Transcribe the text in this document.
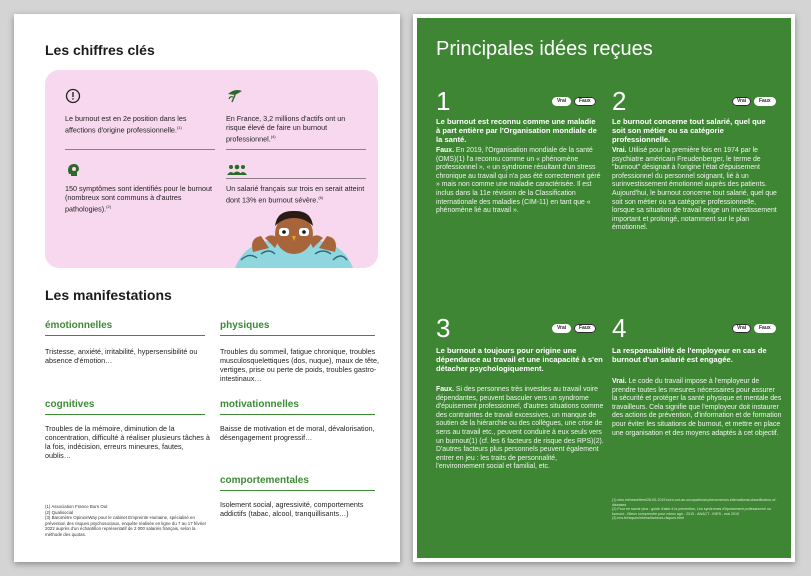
Les chiffres clés
Le burnout est en 2e position dans les affections d'origine professionnelle.$^{(1)}$
En France, 3,2 millions d'actifs ont un risque élevé de faire un burnout professionnel.$^{(4)}$
150 symptômes sont identifiés pour le burnout (nombreux sont communs à d'autres pathologies).$^{(2)}$
Un salarié français sur trois en serait atteint dont 13% en burnout sévère.$^{(6)}$
Les manifestations
émotionnelles
Tristesse, anxiété, irritabilité, hypersensibilité ou absence d'émotion…
physiques
Troubles du sommeil, fatigue chronique, troubles musculosquelettiques (dos, nuque), maux de tête, vertiges, prise ou perte de poids, troubles gastro-intestinaux…
cognitives
Troubles de la mémoire, diminution de la concentration, difficulté à réaliser plusieurs tâches à la fois, indécision, erreurs mineures, fautes, oublis…
motivationnelles
Baisse de motivation et de moral, dévalorisation, désengagement progressif…
comportementales
Isolement social, agressivité, comportements addictifs (tabac, alcool, tranquillisants…)
(1) Association France Burn Out
(2) Qualisocial
(3) Baromètre OpinionWay pour le cabinet Empreinte Humaine, spécialisé en prévention des risques psychosociaux, enquête réalisée en ligne du 7 au 17 février 2022 auprès d'un échantillon représentatif de 2 000 salariés français, selon la méthode des quotas.
Principales idées reçues
1	Vrai	Faux
Le burnout est reconnu comme une maladie à part entière par l'Organisation mondiale de la santé.
Faux. En 2019, l'Organisation mondiale de la santé (OMS)(1) l'a reconnu comme un « phénomène professionnel », « un syndrome résultant d'un stress chronique au travail qui n'a pas été correctement géré » mais non comme une maladie caractérisée. Il est inclus dans la 11e révision de la Classification internationale des maladies (CIM-11) en tant que « phénomène lié au travail ».
2	Vrai	Faux
Le burnout concerne tout salarié, quel que soit son métier ou sa catégorie professionnelle.
Vrai. Utilisé pour la première fois en 1974 par le psychiatre américain Freudenberger, le terme de "burnout" désignait à l'origine l'état d'épuisement professionnel du personnel soignant, lié à un surinvestissement émotionnel auprès des patients. Aujourd'hui, le burnout concerne tout salarié, quel que soit son métier ou sa catégorie professionnelle, lorsque sa situation de travail exige un investissement important et prolongé, notamment sur le plan émotionnel.
3	Vrai	Faux
Le burnout a toujours pour origine une dépendance au travail et une incapacité à s'en détacher psychologiquement.
Faux. Si des personnes très investies au travail voire dépendantes, peuvent basculer vers un syndrome d'épuisement professionnel, d'autres situations comme des contraintes de travail excessives, un manque de soutien de la hiérarchie ou des collègues, une crise de sens au travail etc., peuvent conduire à eux seuls vers un burnout(1) (cf. les 6 facteurs de risque des RPS)(2). D'autres facteurs plus personnels peuvent également entrer en jeu : les traits de personnalité, l'environnement social et familial, etc.
4	Vrai	Faux
La responsabilité de l'employeur en cas de burnout d'un salarié est engagée.
Vrai. Le code du travail impose à l'employeur de prendre toutes les mesures nécessaires pour assurer la sécurité et protéger la santé physique et mentale des travailleurs. Cela signifie que l'employeur doit instaurer des actions de prévention, d'information et de formation pour éviter les situations de burnout, et mettre en place une organisation et des moyens adaptés à cet objectif.
(1) who.int/news/item/28-05-2019-burn-out-an-occupational-phenomenon-international-classification-of-diseases
(2) Pour en savoir plus : guide d'aide à la prévention, Les syndromes d'épuisement professionnel ou burnout - Mieux comprendre pour mieux agir - 2015 - ANACT - INRS - mai 2015
(3) inrs.fr/risques/stress/facteurs-risques.html
